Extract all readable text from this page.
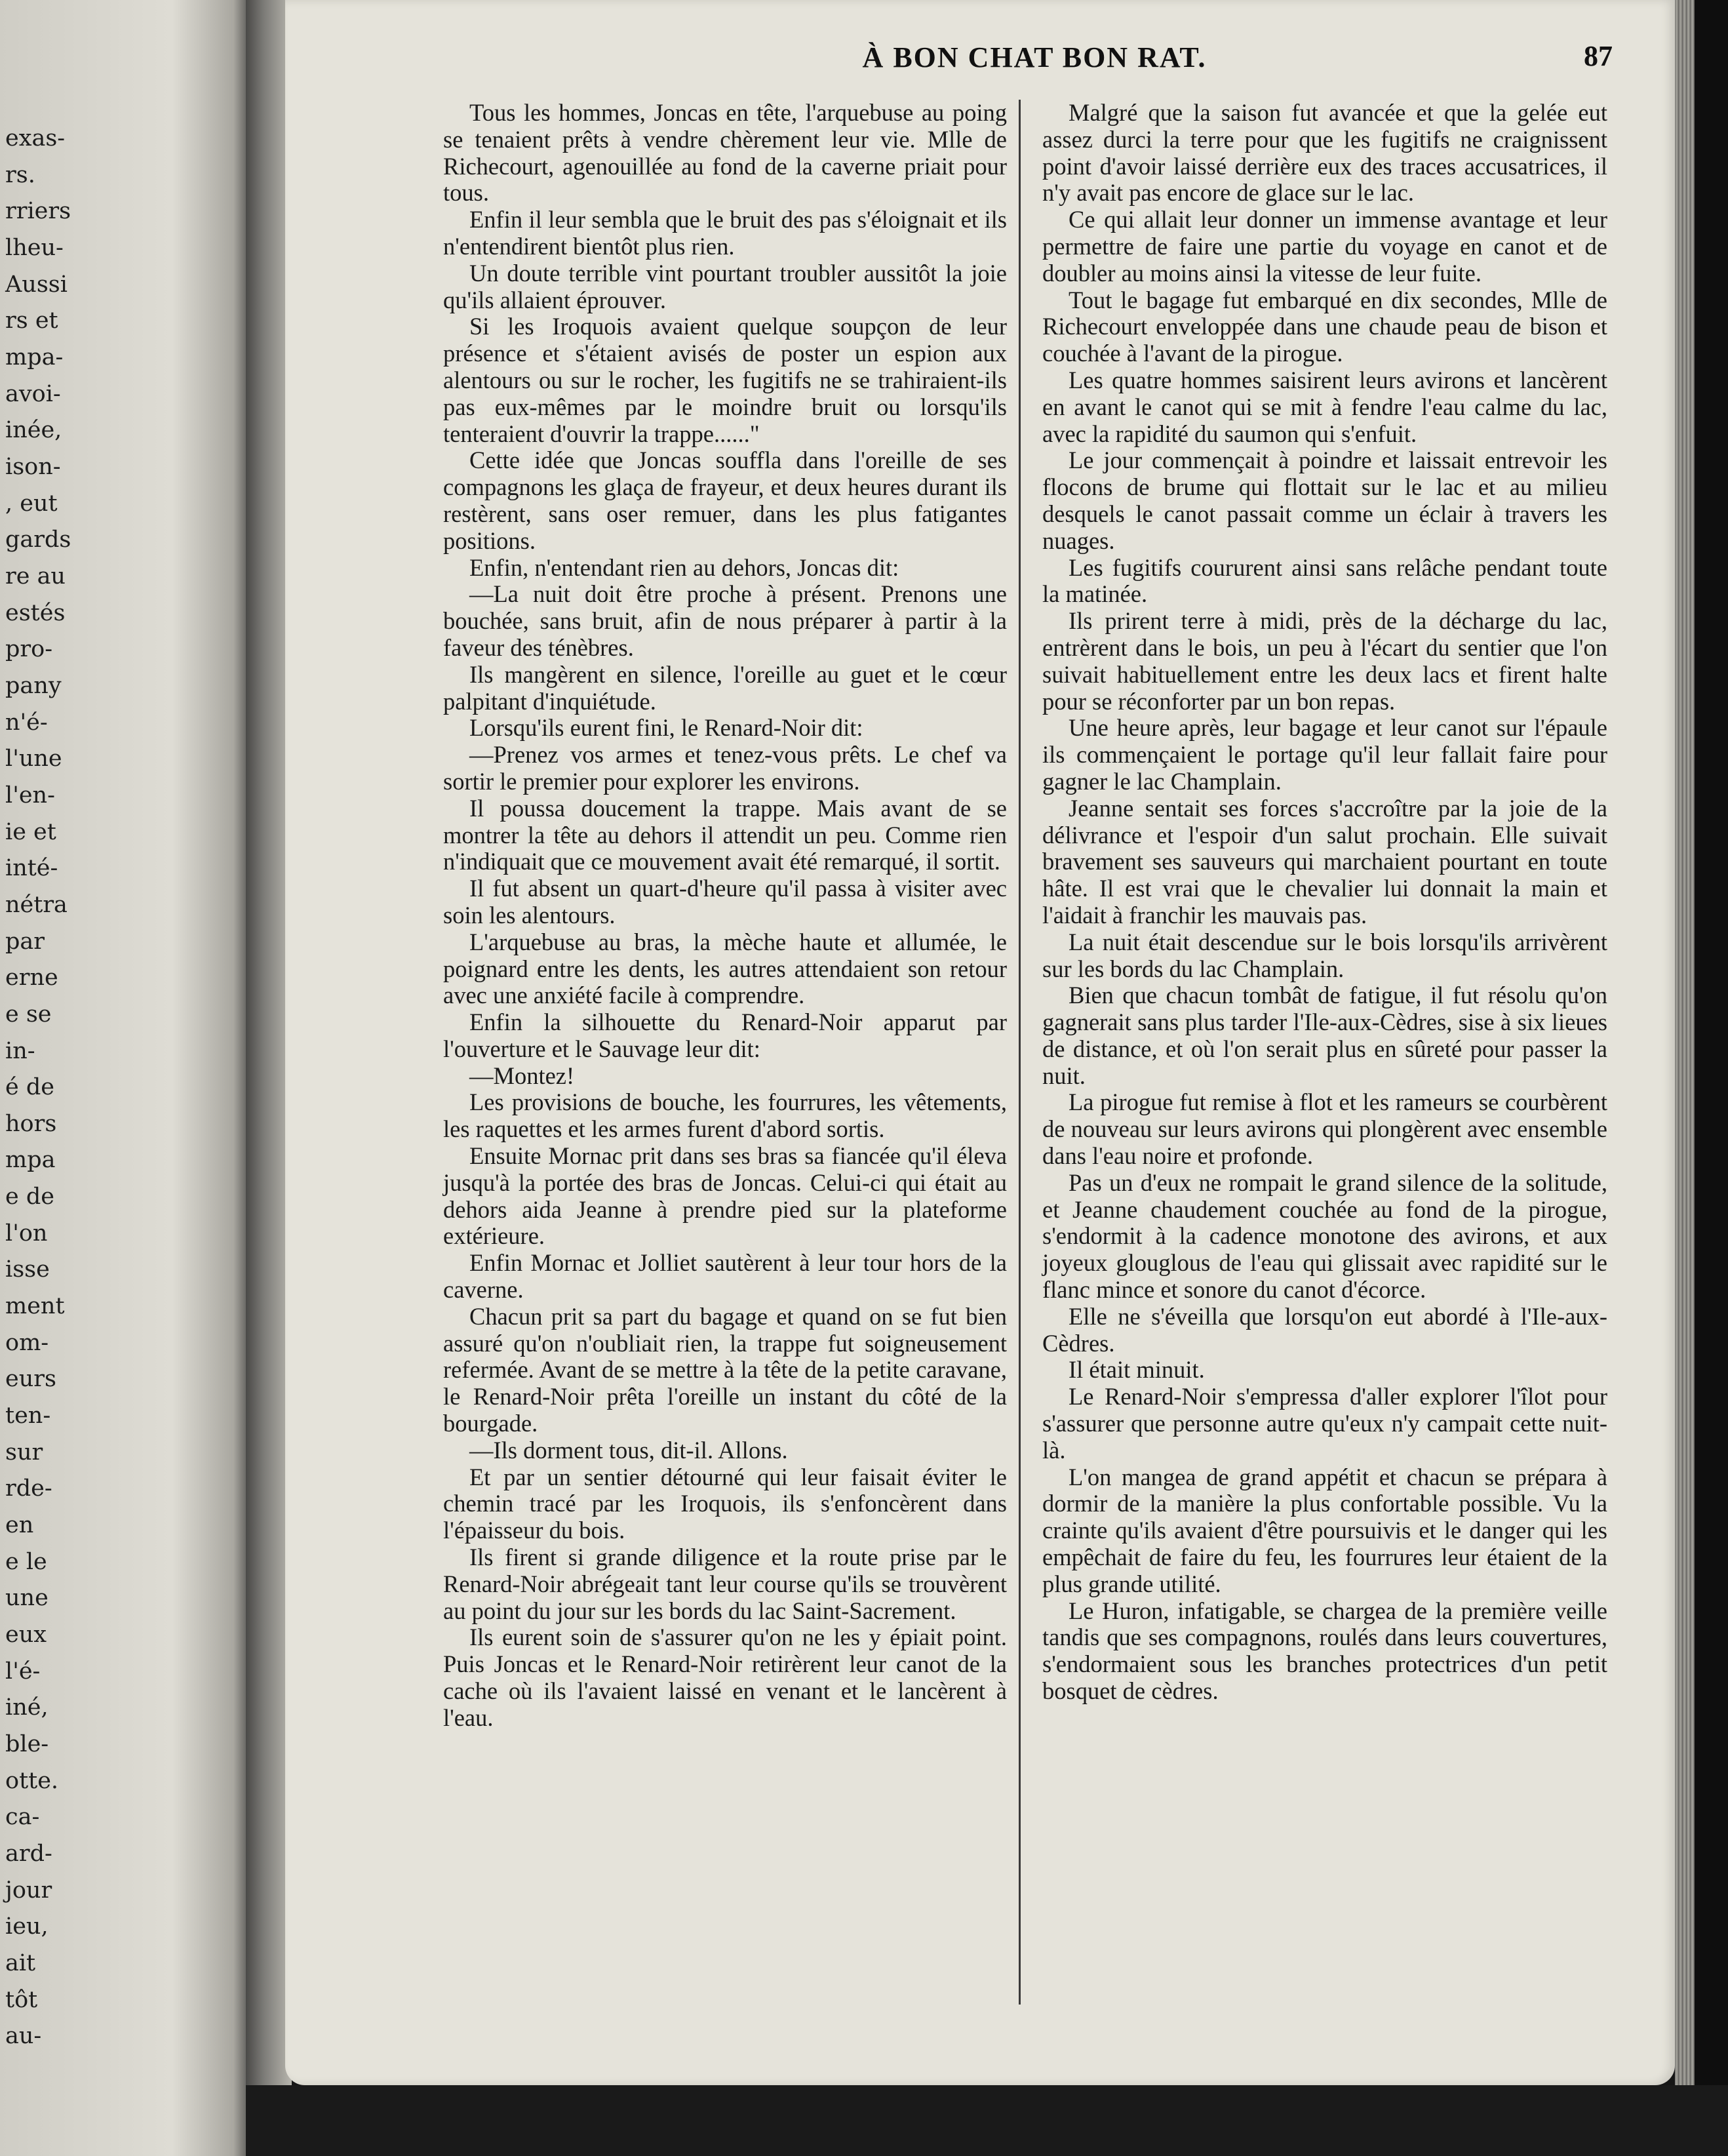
exas-
rs.
rriers
lheu-
Aussi
rs et
mpa-
avoi-
inée,
ison-
, eut
gards
re au
estés
pro-
pany
n'é-
l'une
l'en-
ie et
inté-
nétra
par
erne
e se
in-
é de
hors
mpa
e de
l'on
isse
ment
om-
eurs
ten-
sur
rde-
en
e le
une
eux
l'é-
iné,
ble-
otte.
ca-
ard-
jour
ieu,
ait
tôt
au-
À BON CHAT BON RAT.	87

Tous les hommes, Joncas en tête, l'arquebuse au poing se tenaient prêts à vendre chèrement leur vie. Mlle de Richecourt, agenouillée au fond de la caverne priait pour tous.

Enfin il leur sembla que le bruit des pas s'éloignait et ils n'entendirent bientôt plus rien.

Un doute terrible vint pourtant troubler aussitôt la joie qu'ils allaient éprouver.

Si les Iroquois avaient quelque soupçon de leur présence et s'étaient avisés de poster un espion aux alentours ou sur le rocher, les fugitifs ne se trahiraient-ils pas eux-mêmes par le moindre bruit ou lorsqu'ils tenteraient d'ouvrir la trappe......"

Cette idée que Joncas souffla dans l'oreille de ses compagnons les glaça de frayeur, et deux heures durant ils restèrent, sans oser remuer, dans les plus fatigantes positions.

Enfin, n'entendant rien au dehors, Joncas dit:

—La nuit doit être proche à présent. Prenons une bouchée, sans bruit, afin de nous préparer à partir à la faveur des ténèbres.

Ils mangèrent en silence, l'oreille au guet et le cœur palpitant d'inquiétude.

Lorsqu'ils eurent fini, le Renard-Noir dit:

—Prenez vos armes et tenez-vous prêts. Le chef va sortir le premier pour explorer les environs.

Il poussa doucement la trappe. Mais avant de se montrer la tête au dehors il attendit un peu. Comme rien n'indiquait que ce mouvement avait été remarqué, il sortit.

Il fut absent un quart-d'heure qu'il passa à visiter avec soin les alentours.

L'arquebuse au bras, la mèche haute et allumée, le poignard entre les dents, les autres attendaient son retour avec une anxiété facile à comprendre.

Enfin la silhouette du Renard-Noir apparut par l'ouverture et le Sauvage leur dit:

—Montez!

Les provisions de bouche, les fourrures, les vêtements, les raquettes et les armes furent d'abord sortis.

Ensuite Mornac prit dans ses bras sa fiancée qu'il éleva jusqu'à la portée des bras de Joncas. Celui-ci qui était au dehors aida Jeanne à prendre pied sur la plateforme extérieure.

Enfin Mornac et Jolliet sautèrent à leur tour hors de la caverne.

Chacun prit sa part du bagage et quand on se fut bien assuré qu'on n'oubliait rien, la trappe fut soigneusement refermée. Avant de se mettre à la tête de la petite caravane, le Renard-Noir prêta l'oreille un instant du côté de la bourgade.

—Ils dorment tous, dit-il. Allons.

Et par un sentier détourné qui leur faisait éviter le chemin tracé par les Iroquois, ils s'enfoncèrent dans l'épaisseur du bois.

Ils firent si grande diligence et la route prise par le Renard-Noir abrégeait tant leur course qu'ils se trouvèrent au point du jour sur les bords du lac Saint-Sacrement.

Ils eurent soin de s'assurer qu'on ne les y épiait point. Puis Joncas et le Renard-Noir retirèrent leur canot de la cache où ils l'avaient laissé en venant et le lancèrent à l'eau.

Malgré que la saison fut avancée et que la gelée eut assez durci la terre pour que les fugitifs ne craignissent point d'avoir laissé derrière eux des traces accusatrices, il n'y avait pas encore de glace sur le lac.

Ce qui allait leur donner un immense avantage et leur permettre de faire une partie du voyage en canot et de doubler au moins ainsi la vitesse de leur fuite.

Tout le bagage fut embarqué en dix secondes, Mlle de Richecourt enveloppée dans une chaude peau de bison et couchée à l'avant de la pirogue.

Les quatre hommes saisirent leurs avirons et lancèrent en avant le canot qui se mit à fendre l'eau calme du lac, avec la rapidité du saumon qui s'enfuit.

Le jour commençait à poindre et laissait entrevoir les flocons de brume qui flottait sur le lac et au milieu desquels le canot passait comme un éclair à travers les nuages.

Les fugitifs coururent ainsi sans relâche pendant toute la matinée.

Ils prirent terre à midi, près de la décharge du lac, entrèrent dans le bois, un peu à l'écart du sentier que l'on suivait habituellement entre les deux lacs et firent halte pour se réconforter par un bon repas.

Une heure après, leur bagage et leur canot sur l'épaule ils commençaient le portage qu'il leur fallait faire pour gagner le lac Champlain.

Jeanne sentait ses forces s'accroître par la joie de la délivrance et l'espoir d'un salut prochain. Elle suivait bravement ses sauveurs qui marchaient pourtant en toute hâte. Il est vrai que le chevalier lui donnait la main et l'aidait à franchir les mauvais pas.

La nuit était descendue sur le bois lorsqu'ils arrivèrent sur les bords du lac Champlain.

Bien que chacun tombât de fatigue, il fut résolu qu'on gagnerait sans plus tarder l'Ile-aux-Cèdres, sise à six lieues de distance, et où l'on serait plus en sûreté pour passer la nuit.

La pirogue fut remise à flot et les rameurs se courbèrent de nouveau sur leurs avirons qui plongèrent avec ensemble dans l'eau noire et profonde.

Pas un d'eux ne rompait le grand silence de la solitude, et Jeanne chaudement couchée au fond de la pirogue, s'endormit à la cadence monotone des avirons, et aux joyeux glouglous de l'eau qui glissait avec rapidité sur le flanc mince et sonore du canot d'écorce.

Elle ne s'éveilla que lorsqu'on eut abordé à l'Ile-aux-Cèdres.

Il était minuit.

Le Renard-Noir s'empressa d'aller explorer l'îlot pour s'assurer que personne autre qu'eux n'y campait cette nuit-là.

L'on mangea de grand appétit et chacun se prépara à dormir de la manière la plus confortable possible. Vu la crainte qu'ils avaient d'être poursuivis et le danger qui les empêchait de faire du feu, les fourrures leur étaient de la plus grande utilité.

Le Huron, infatigable, se chargea de la première veille tandis que ses compagnons, roulés dans leurs couvertures, s'endormaient sous les branches protectrices d'un petit bosquet de cèdres.
